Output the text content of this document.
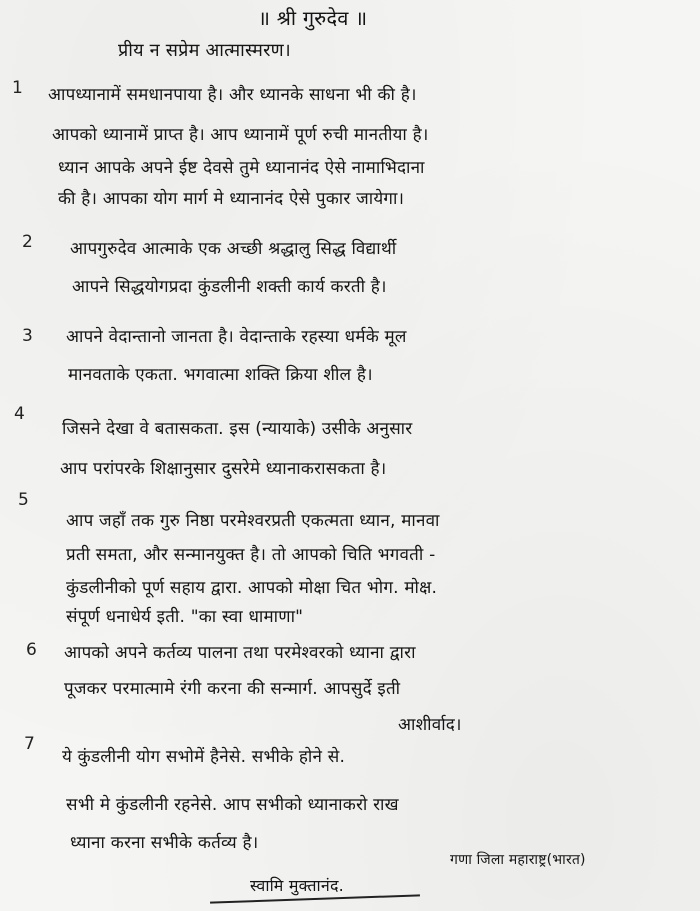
॥ श्री गुरुदेव ॥
प्रीय न सप्रेम आत्मास्मरण।
1 आपध्यानामें समधानपाया है। और ध्यानके साधना भी की है।
आपको ध्यानामें प्राप्त है। आप ध्यानामें पूर्ण रुची मानतीया है।
ध्यान आपके अपने ईष्ट देवसे तुमे ध्यानानंद ऐसे नामाभिदाना
की है। आपका योग मार्ग मे ध्यानानंद ऐसे पुकार जायेगा।
2 आपगुरुदेव आत्माके एक अच्छी श्रद्धालु सिद्ध विद्यार्थी
आपने सिद्धयोगप्रदा कुंडलीनी शक्ती कार्य करती है।
3 आपने वेदान्तानो जानता है। वेदान्ताके रहस्या धर्मके मूल
मानवताके एकता. भगवात्मा शक्ति क्रिया शील है।
4
जिसने देखा वे बतासकता. इस (न्यायाके) उसीके अनुसार
आप परांपरके शिक्षानुसार दुसरेमे ध्यानाकरासकता है।
5
आप जहाँ तक गुरु निष्ठा परमेश्वरप्रती एकत्मता ध्यान, मानवा
प्रती समता, और सन्मानयुक्त है। तो आपको चिति भगवती -
कुंडलीनीको पूर्ण सहाय द्वारा. आपको मोक्षा चित भोग. मोक्ष.
संपूर्ण धनाधेर्य इती. "का स्वा धामाणा"
6 आपको अपने कर्तव्य पालना तथा परमेश्वरको ध्याना द्वारा
पूजकर परमात्मामे रंगी करना की सन्मार्ग. आपसुर्दे इती
आशीर्वाद।
7
ये कुंडलीनी योग सभोमें हैनेसे. सभीके होने से.
सभी मे कुंडलीनी रहनेसे. आप सभीको ध्यानाकरो राख
ध्याना करना सभीके कर्तव्य है।
स्वामि मुक्तानंद.
गणा जिला महाराष्ट्र(भारत)
